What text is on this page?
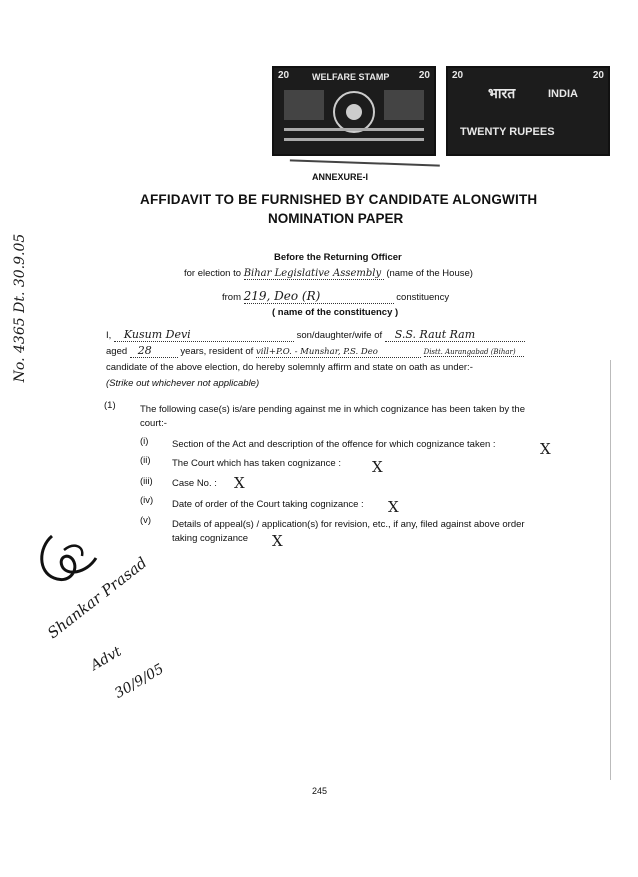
20	20
WELFARE STAMP	20	20
भारत	INDIA
TWENTY RUPEES
No. 4365 Dt. 30.9.05
ANNEXURE-I
AFFIDAVIT TO BE FURNISHED BY CANDIDATE ALONGWITH
NOMINATION PAPER
Before the Returning Officer
for election to Bihar Legislative Assembly (name of the House)
from 219, Deo (R)	constituency
( name of the constituency )
I, Kusum Devi	son/daughter/wife of S.S. Raut Ram
aged 28	years, resident of vill+P.O. - Munshar, P.S. Deo	Distt. Aurangabad (Bihar)
candidate of the above election, do hereby solemnly affirm and state on oath as under:-
(Strike out whichever not applicable)
(1)	The following case(s) is/are pending against me in which cognizance has been taken by the
court:-
(i) Section of the Act and description of the offence for which cognizance taken :	X
(ii) The Court which has taken cognizance : X
(iii) Case No. : X
(iv) Date of order of the Court taking cognizance : X
(v) Details of appeal(s) / application(s) for revision, etc., if any, filed against above order
taking cognizance X
Shankar Prasad
Advt
30/9/05
245
